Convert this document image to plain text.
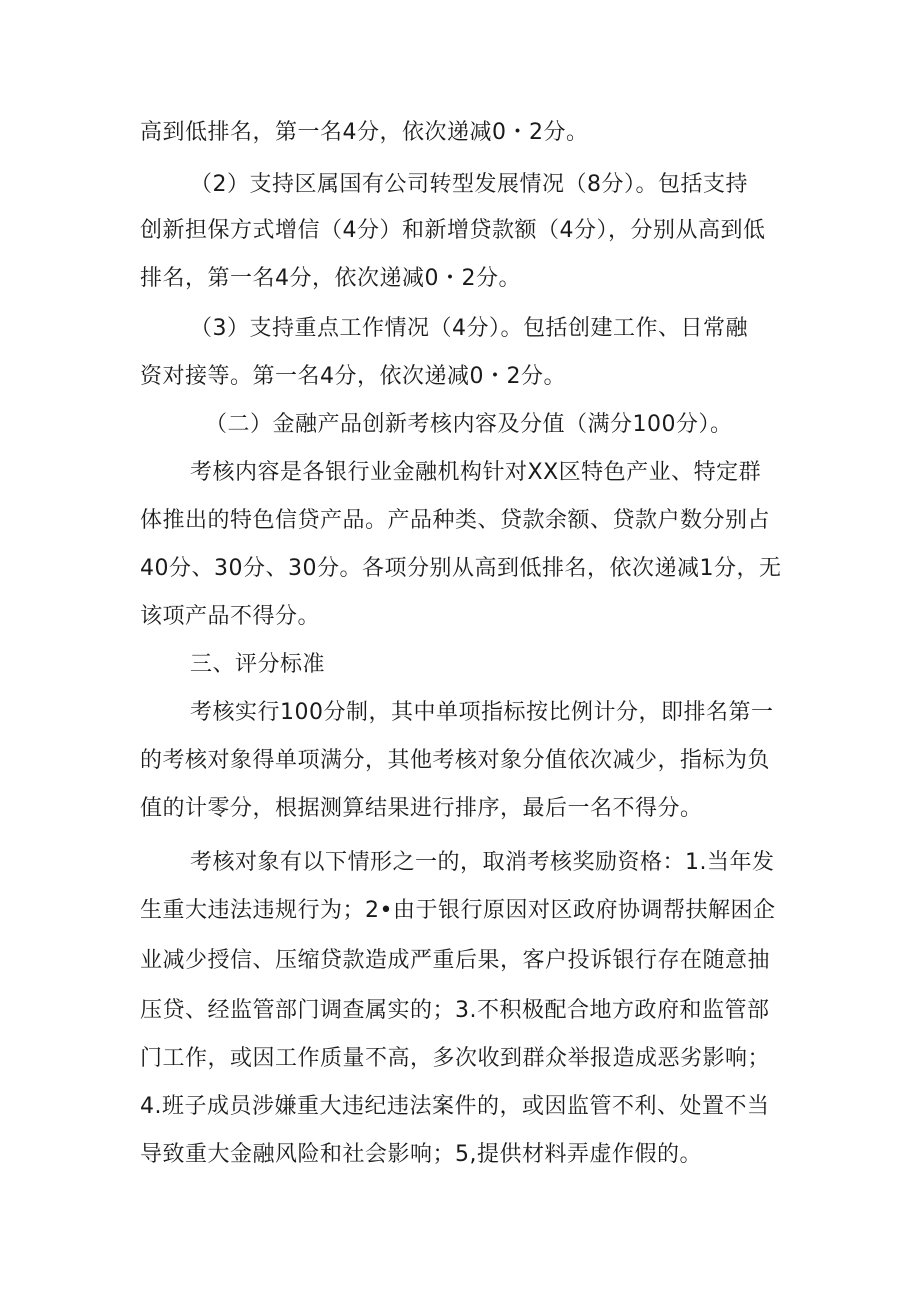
高到低排名，第一名4分，依次递减0・2分。
（2）支持区属国有公司转型发展情况（8分）。包括支持
创新担保方式增信（4分）和新增贷款额（4分），分别从高到低
排名，第一名4分，依次递减0・2分。
（3）支持重点工作情况（4分）。包括创建工作、日常融
资对接等。第一名4分，依次递减0・2分。
（二）金融产品创新考核内容及分值（满分100分）。
考核内容是各银行业金融机构针对XX区特色产业、特定群
体推出的特色信贷产品。产品种类、贷款余额、贷款户数分别占
40分、30分、30分。各项分别从高到低排名，依次递减1分，无
该项产品不得分。
三、评分标准
考核实行100分制，其中单项指标按比例计分，即排名第一
的考核对象得单项满分，其他考核对象分值依次减少，指标为负
值的计零分，根据测算结果进行排序，最后一名不得分。
考核对象有以下情形之一的，取消考核奖励资格：1.当年发
生重大违法违规行为；2•由于银行原因对区政府协调帮扶解困企
业减少授信、压缩贷款造成严重后果，客户投诉银行存在随意抽
压贷、经监管部门调查属实的；3.不积极配合地方政府和监管部
门工作，或因工作质量不高，多次收到群众举报造成恶劣影响；
4.班子成员涉嫌重大违纪违法案件的，或因监管不利、处置不当
导致重大金融风险和社会影响；5,提供材料弄虚作假的。
